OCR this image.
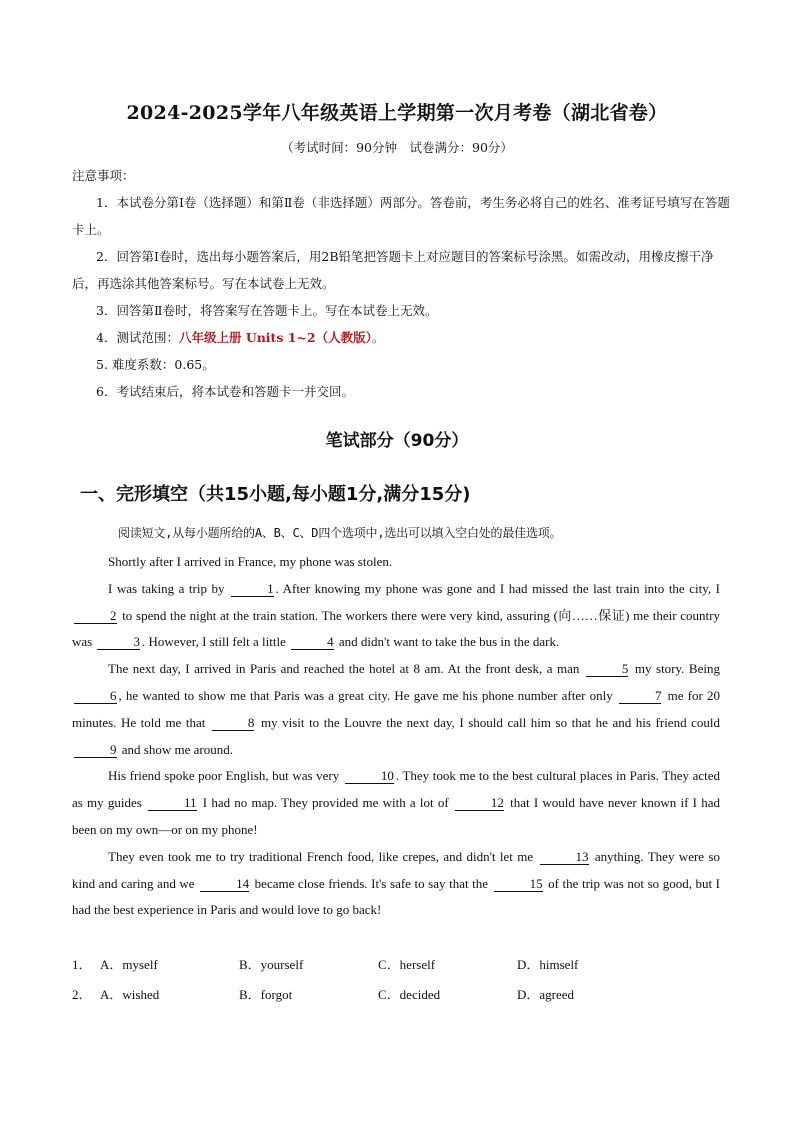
2024-2025学年八年级英语上学期第一次月考卷（湖北省卷）
（考试时间：90分钟　试卷满分：90分）
注意事项：
1．本试卷分第Ⅰ卷（选择题）和第Ⅱ卷（非选择题）两部分。答卷前，考生务必将自己的姓名、准考证号填写在答题卡上。
2．回答第Ⅰ卷时，选出每小题答案后，用2B铅笔把答题卡上对应题目的答案标号涂黑。如需改动，用橡皮擦干净后，再选涂其他答案标号。写在本试卷上无效。
3．回答第Ⅱ卷时，将答案写在答题卡上。写在本试卷上无效。
4．测试范围：八年级上册 Units 1~2（人教版）。
5. 难度系数：0.65。
6．考试结束后，将本试卷和答题卡一并交回。
笔试部分（90分）
一、完形填空（共15小题,每小题1分,满分15分)
阅读短文,从每小题所给的A、B、C、D四个选项中,选出可以填入空白处的最佳选项。

Shortly after I arrived in France, my phone was stolen.

I was taking a trip by	1 . After knowing my phone was gone and I had missed the last train into the city, I 2 to spend the night at the train station. The workers there were very kind, assuring (向……保证) me their country was	3 . However, I still felt a little	4 and didn't want to take the bus in the dark.

The next day, I arrived in Paris and reached the hotel at 8 am. At the front desk, a man	5 my story. Being 6 , he wanted to show me that Paris was a great city. He gave me his phone number after only	7 me for 20 minutes. He told me that	8 my visit to the Louvre the next day, I should call him so that he and his friend could 9 and show me around.

His friend spoke poor English, but was very	10 . They took me to the best cultural places in Paris. They acted as my guides	11 I had no map. They provided me with a lot of	12 that I would have never known if I had been on my own—or on my phone!

They even took me to try traditional French food, like crepes, and didn't let me	13 anything. They were so kind and caring and we	14 became close friends. It's safe to say that the	15 of the trip was not so good, but I had the best experience in Paris and would love to go back!

1． A．myself	B．yourself	C．herself	D．himself
2． A．wished	B．forgot	C．decided	D．agreed
